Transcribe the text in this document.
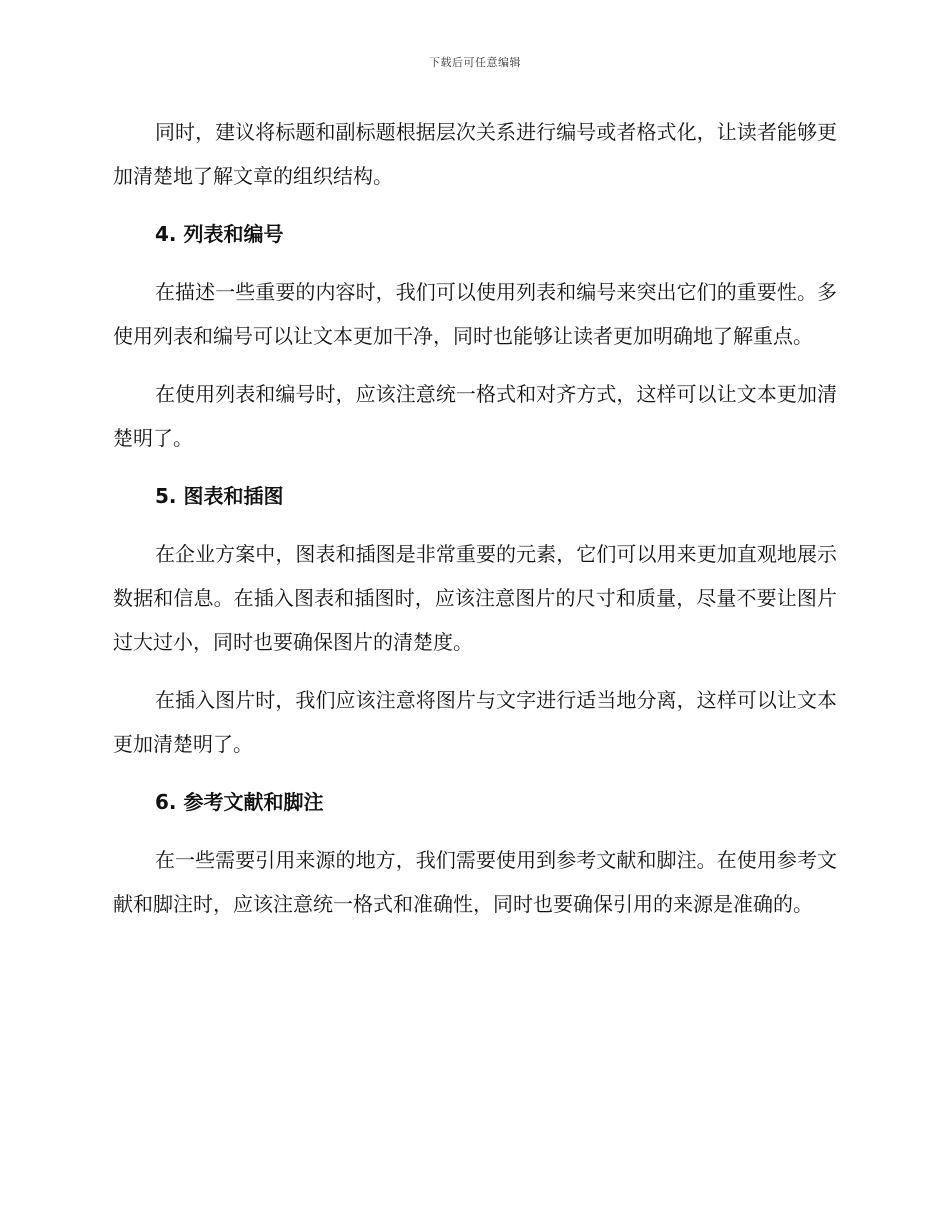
下载后可任意编辑

同时，建议将标题和副标题根据层次关系进行编号或者格式化，让读者能够更加清楚地了解文章的组织结构。

4. 列表和编号

在描述一些重要的内容时，我们可以使用列表和编号来突出它们的重要性。多使用列表和编号可以让文本更加干净，同时也能够让读者更加明确地了解重点。

在使用列表和编号时，应该注意统一格式和对齐方式，这样可以让文本更加清楚明了。

5. 图表和插图

在企业方案中，图表和插图是非常重要的元素，它们可以用来更加直观地展示数据和信息。在插入图表和插图时，应该注意图片的尺寸和质量，尽量不要让图片过大过小，同时也要确保图片的清楚度。

在插入图片时，我们应该注意将图片与文字进行适当地分离，这样可以让文本更加清楚明了。

6. 参考文献和脚注

在一些需要引用来源的地方，我们需要使用到参考文献和脚注。在使用参考文献和脚注时，应该注意统一格式和准确性，同时也要确保引用的来源是准确的。
